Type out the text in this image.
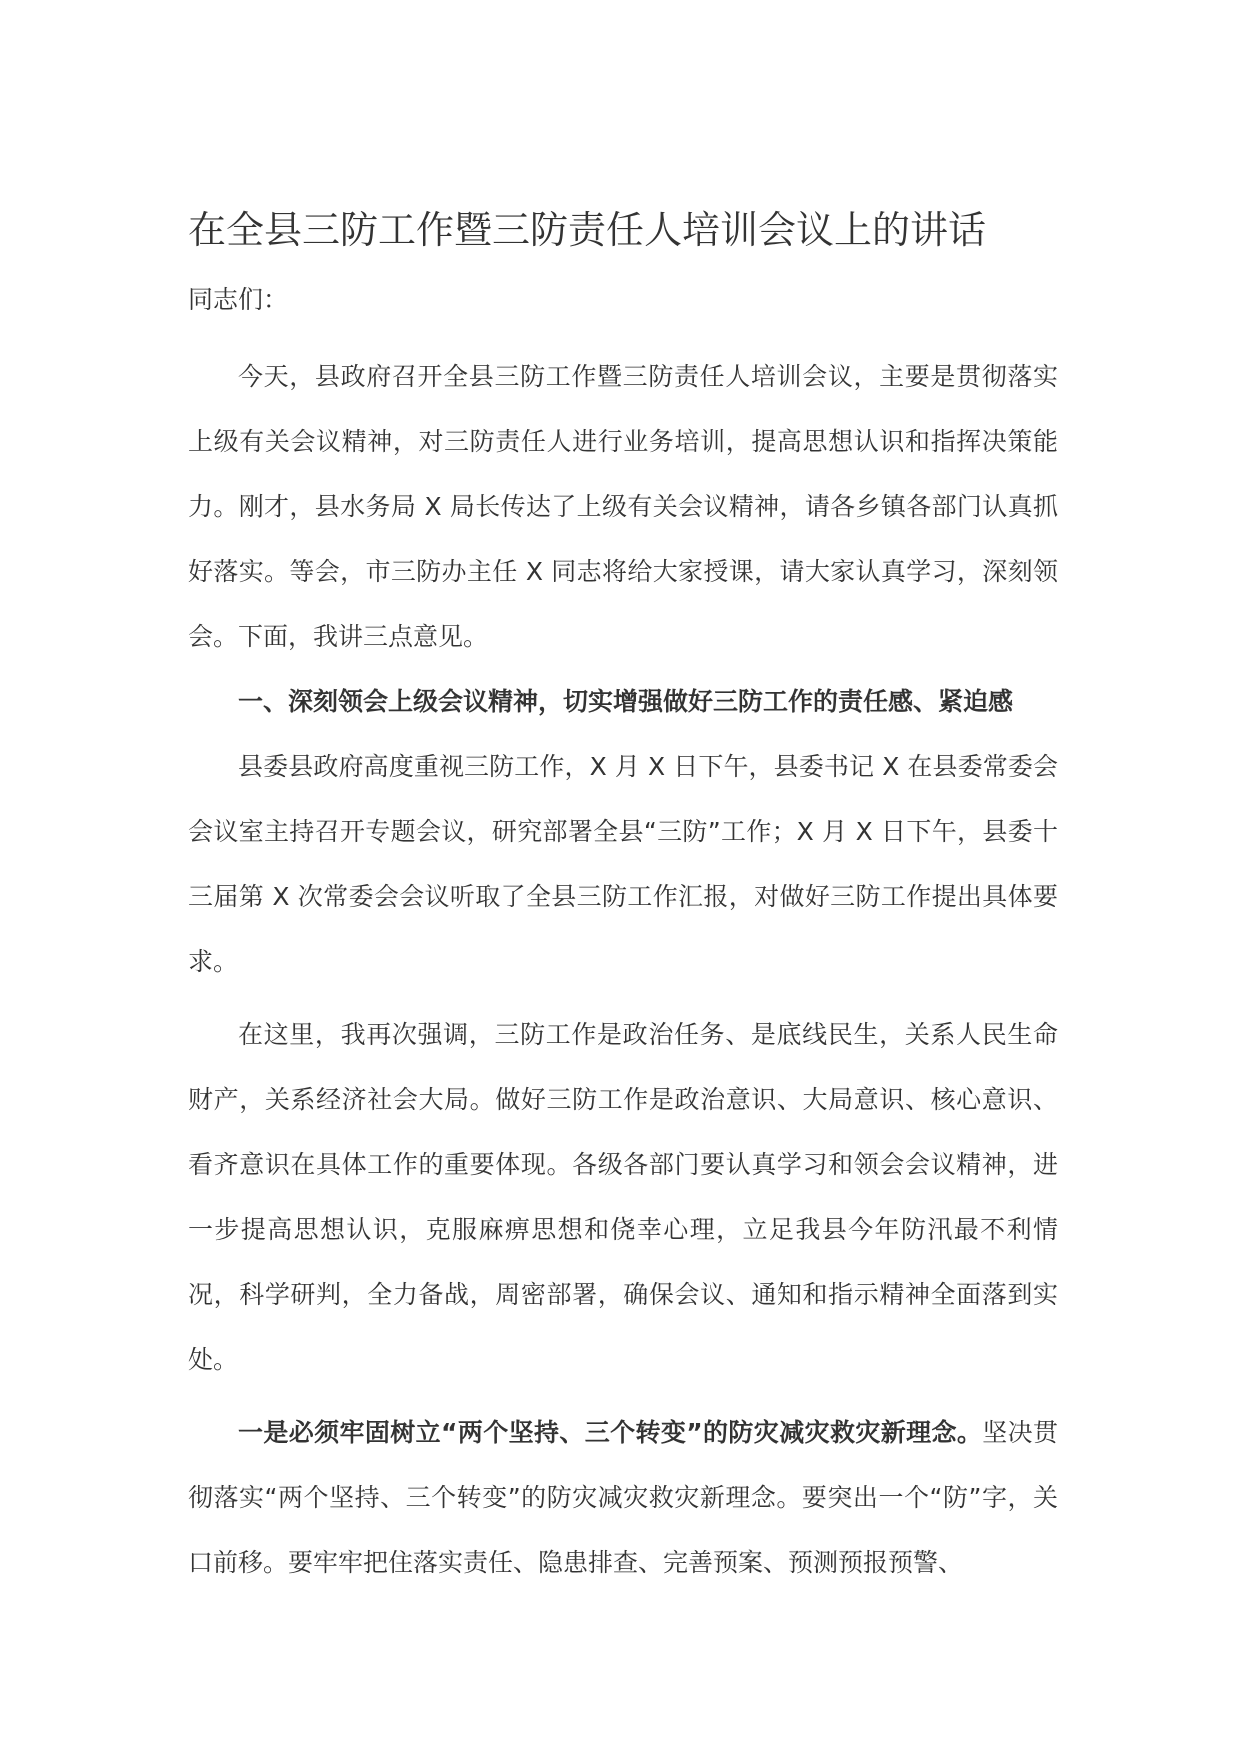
在全县三防工作暨三防责任人培训会议上的讲话

同志们：

今天，县政府召开全县三防工作暨三防责任人培训会议，主要是贯彻落实上级有关会议精神，对三防责任人进行业务培训，提高思想认识和指挥决策能力。刚才，县水务局 X 局长传达了上级有关会议精神，请各乡镇各部门认真抓好落实。等会，市三防办主任 X 同志将给大家授课，请大家认真学习，深刻领会。下面，我讲三点意见。

一、深刻领会上级会议精神，切实增强做好三防工作的责任感、紧迫感

县委县政府高度重视三防工作，X 月 X 日下午，县委书记 X 在县委常委会会议室主持召开专题会议，研究部署全县“三防”工作；X 月 X 日下午，县委十三届第 X 次常委会会议听取了全县三防工作汇报，对做好三防工作提出具体要求。

在这里，我再次强调，三防工作是政治任务、是底线民生，关系人民生命财产，关系经济社会大局。做好三防工作是政治意识、大局意识、核心意识、看齐意识在具体工作的重要体现。各级各部门要认真学习和领会会议精神，进一步提高思想认识，克服麻痹思想和侥幸心理，立足我县今年防汛最不利情况，科学研判，全力备战，周密部署，确保会议、通知和指示精神全面落到实处。

一是必须牢固树立“两个坚持、三个转变”的防灾减灾救灾新理念。坚决贯彻落实“两个坚持、三个转变”的防灾减灾救灾新理念。要突出一个“防”字，关口前移。要牢牢把住落实责任、隐患排查、完善预案、预测预报预警、
